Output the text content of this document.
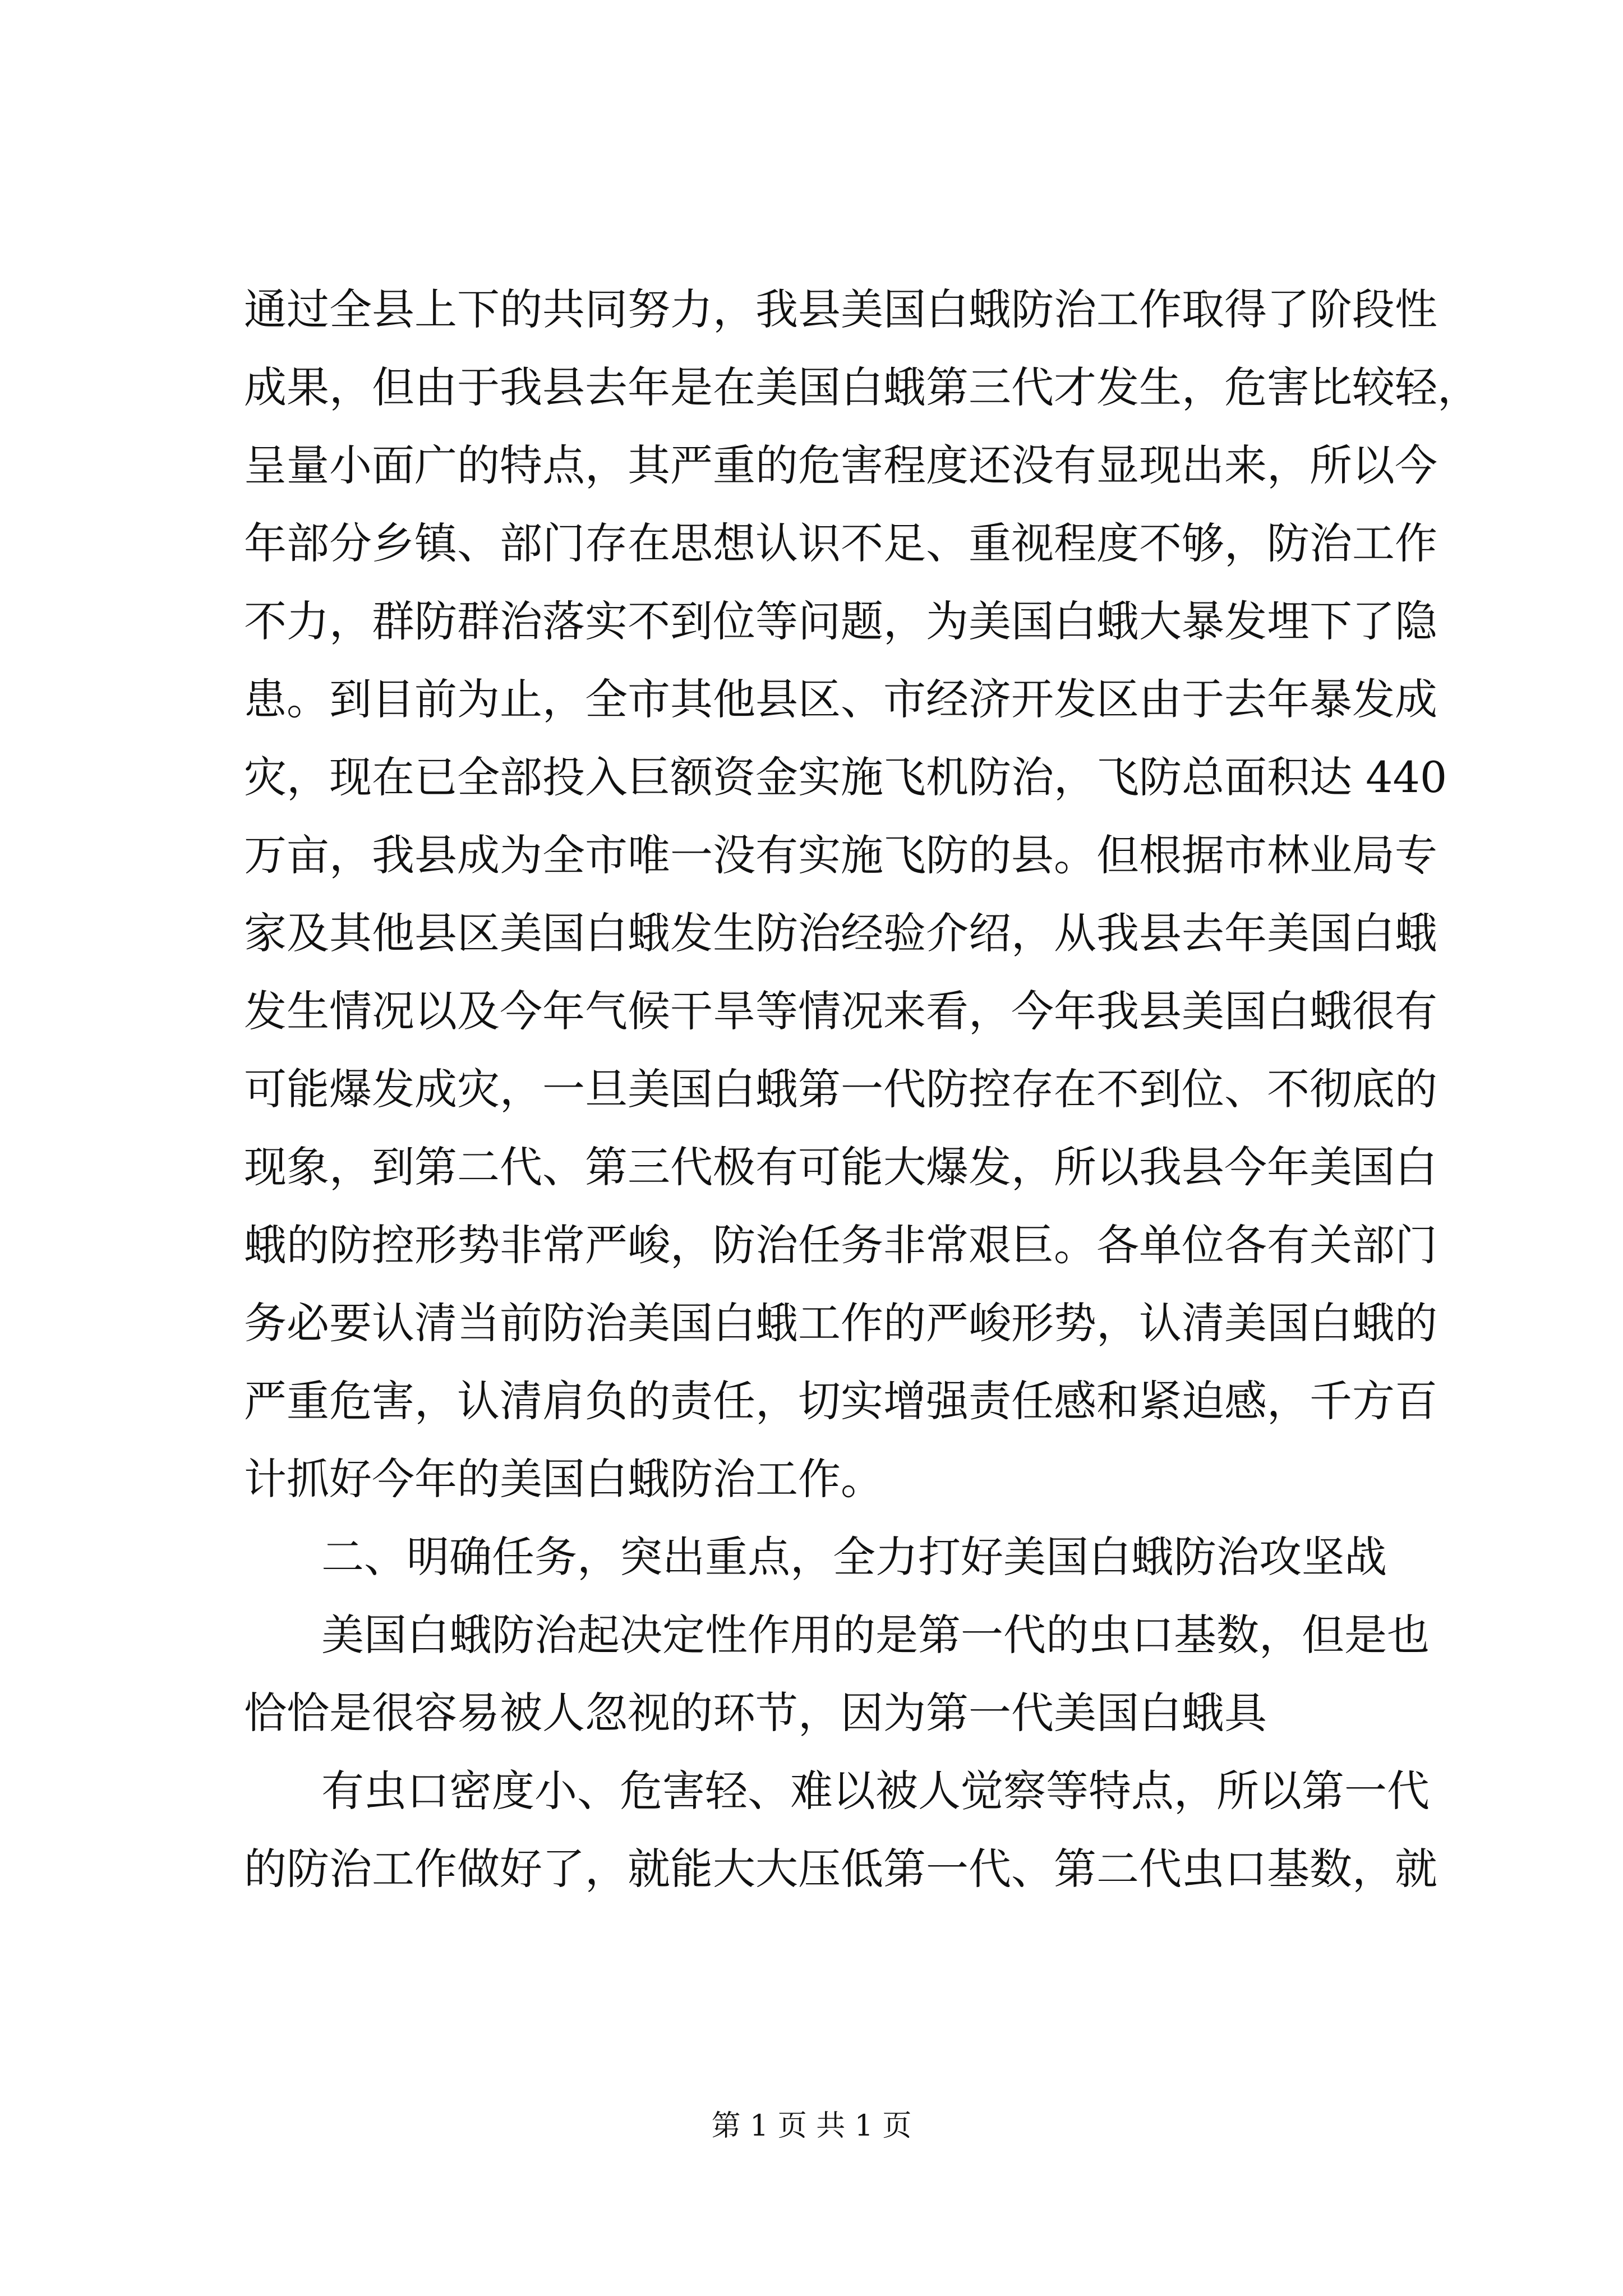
通过全县上下的共同努力，我县美国白蛾防治工作取得了阶段性
成果，但由于我县去年是在美国白蛾第三代才发生，危害比较轻，
呈量小面广的特点，其严重的危害程度还没有显现出来，所以今
年部分乡镇、部门存在思想认识不足、重视程度不够，防治工作
不力，群防群治落实不到位等问题，为美国白蛾大暴发埋下了隐
患。到目前为止，全市其他县区、市经济开发区由于去年暴发成
灾，现在已全部投入巨额资金实施飞机防治，飞防总面积达 440
万亩，我县成为全市唯一没有实施飞防的县。但根据市林业局专
家及其他县区美国白蛾发生防治经验介绍，从我县去年美国白蛾
发生情况以及今年气候干旱等情况来看，今年我县美国白蛾很有
可能爆发成灾，一旦美国白蛾第一代防控存在不到位、不彻底的
现象，到第二代、第三代极有可能大爆发，所以我县今年美国白
蛾的防控形势非常严峻，防治任务非常艰巨。各单位各有关部门
务必要认清当前防治美国白蛾工作的严峻形势，认清美国白蛾的
严重危害，认清肩负的责任，切实增强责任感和紧迫感，千方百
计抓好今年的美国白蛾防治工作。
二、明确任务，突出重点，全力打好美国白蛾防治攻坚战
美国白蛾防治起决定性作用的是第一代的虫口基数，但是也
恰恰是很容易被人忽视的环节，因为第一代美国白蛾具
有虫口密度小、危害轻、难以被人觉察等特点，所以第一代
的防治工作做好了，就能大大压低第一代、第二代虫口基数，就
第 1 页 共 1 页
